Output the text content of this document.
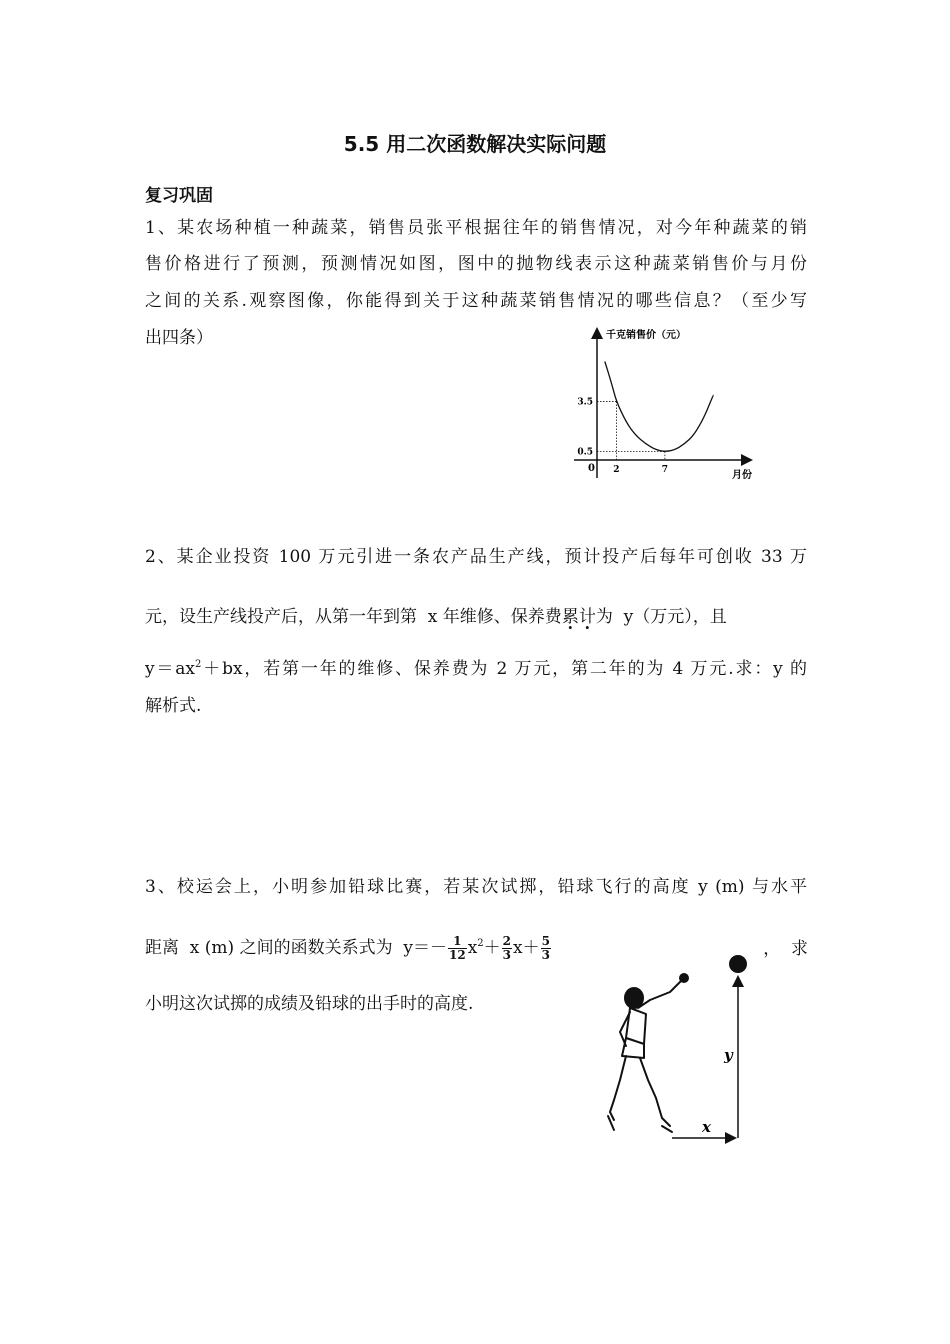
5.5 用二次函数解决实际问题
复习巩固
1、某农场种植一种蔬菜，销售员张平根据往年的销售情况，对今年种蔬菜的销
售价格进行了预测，预测情况如图，图中的抛物线表示这种蔬菜销售价与月份
之间的关系.观察图像，你能得到关于这种蔬菜销售情况的哪些信息？（至少写
出四条）	千克销售价（元）
月份
0
3.5
0.5
2	7
2、某企业投资 100 万元引进一条农产品生产线，预计投产后每年可创收 33 万
元，设生产线投产后，从第一年到第  x 年维修、保养费累计为  y（万元），且
$y=ax^2+bx$，若第一年的维修、保养费为 2 万元，第二年的为 4 万元.求：y 的
解析式.
3、校运会上，小明参加铅球比赛，若某次试掷，铅球飞行的高度 y (m) 与水平
距离  x (m) 之间的函数关系式为  $y=- \frac{1}{12} x^2+ \frac{2}{3} x+ \frac{5}{3}$	，  求
小明这次试掷的成绩及铅球的出手时的高度.
y
x
